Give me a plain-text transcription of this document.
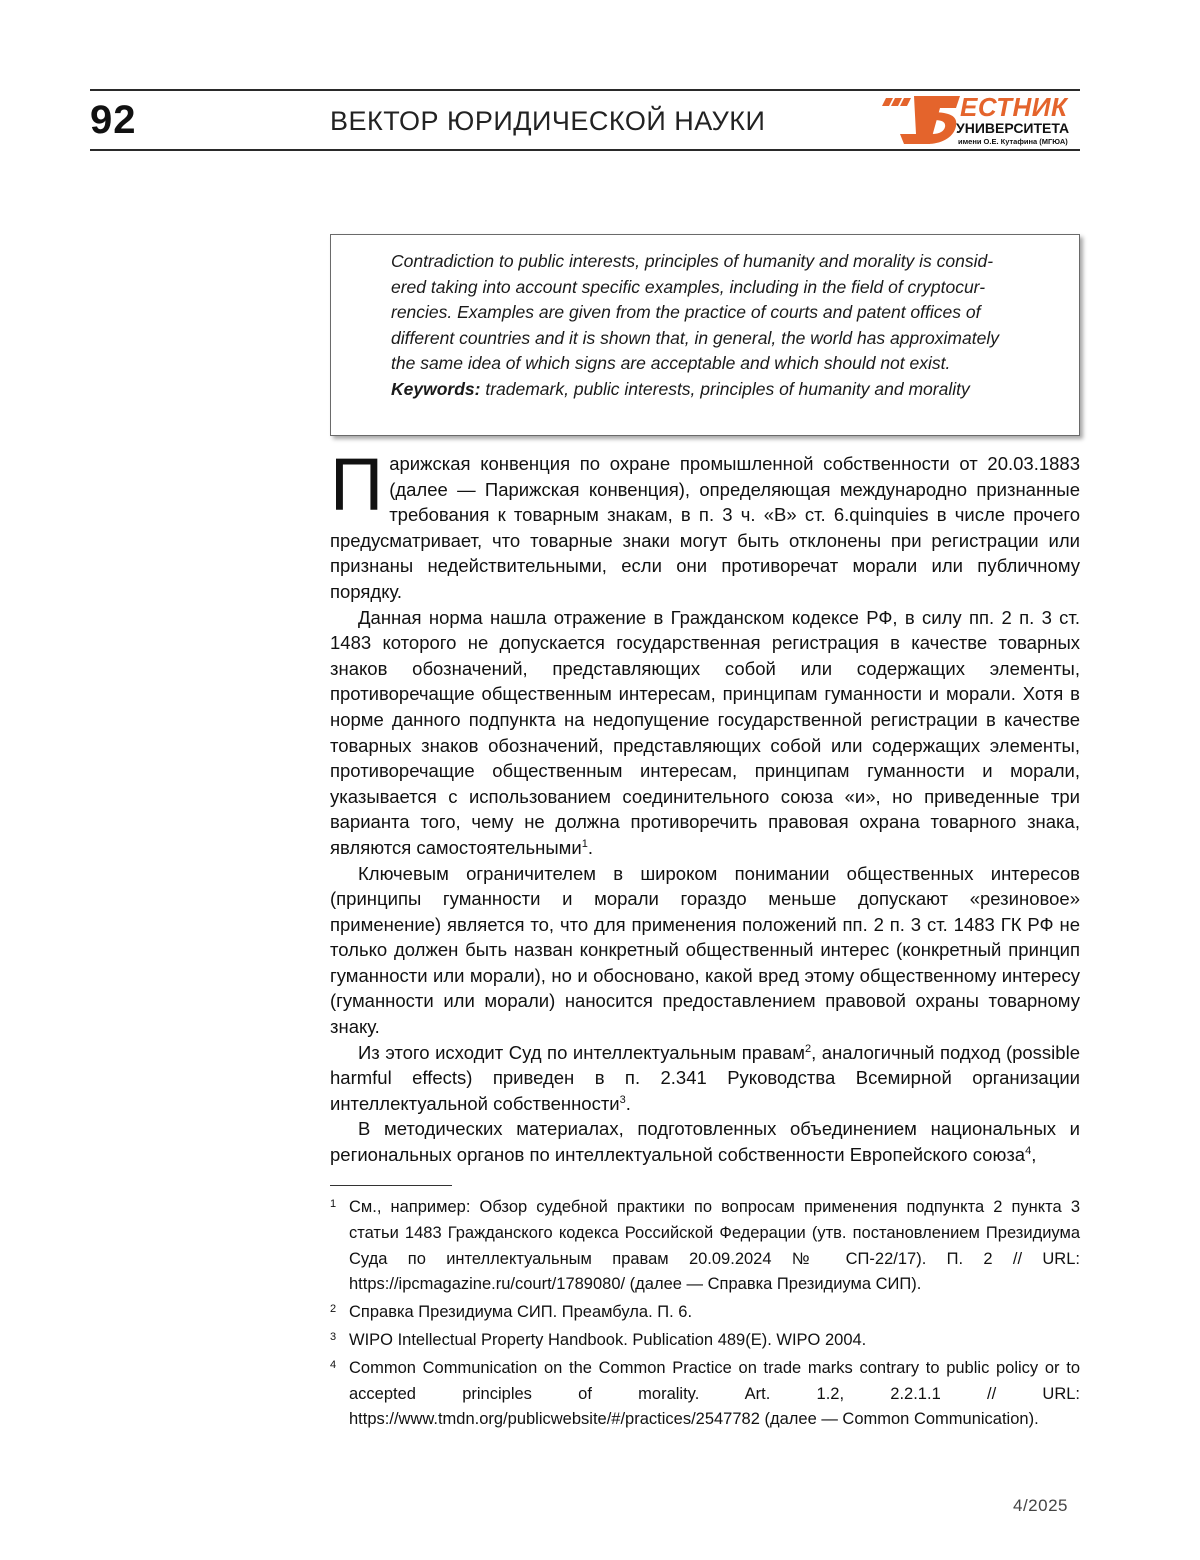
92	ВЕКТОР ЮРИДИЧЕСКОЙ НАУКИ	ЕСТНИК
УНИВЕРСИТЕТА
имени О.Е. Кутафина (МГЮА)
Contradiction to public interests, principles of humanity and morality is consid-
ered taking into account specific examples, including in the field of cryptocur-
rencies. Examples are given from the practice of courts and patent offices of
different countries and it is shown that, in general, the world has approximately
the same idea of which signs are acceptable and which should not exist.
Keywords: trademark, public interests, principles of humanity and morality

П арижская конвенция по охране промышленной собственности от 20.03.1883 (далее — Парижская конвенция), определяющая международно признанные требования к товарным знакам, в п. 3 ч. «B» ст. 6.quinquies в числе прочего предусматривает, что товарные знаки могут быть отклонены при регистрации или признаны недействительными, если они противоречат морали или публичному порядку.

Данная норма нашла отражение в Гражданском кодексе РФ, в силу пп. 2 п. 3 ст. 1483 которого не допускается государственная регистрация в качестве товарных знаков обозначений, представляющих собой или содержащих элементы, противоречащие общественным интересам, принципам гуманности и морали. Хотя в норме данного подпункта на недопущение государственной регистрации в качестве товарных знаков обозначений, представляющих собой или содержащих элементы, противоречащие общественным интересам, принципам гуманности и морали, указывается с использованием соединительного союза «и», но приведенные три варианта того, чему не должна противоречить правовая охрана товарного знака, являются самостоятельными1.

Ключевым ограничителем в широком понимании общественных интересов (принципы гуманности и морали гораздо меньше допускают «резиновое» применение) является то, что для применения положений пп. 2 п. 3 ст. 1483 ГК РФ не только должен быть назван конкретный общественный интерес (конкретный принцип гуманности или морали), но и обосновано, какой вред этому общественному интересу (гуманности или морали) наносится предоставлением правовой охраны товарному знаку.

Из этого исходит Суд по интеллектуальным правам2, аналогичный подход (possible harmful effects) приведен в п. 2.341 Руководства Всемирной организации интеллектуальной собственности3.

В методических материалах, подготовленных объединением национальных и региональных органов по интеллектуальной собственности Европейского союза4,

1 См., например: Обзор судебной практики по вопросам применения подпункта 2 пункта 3 статьи 1483 Гражданского кодекса Российской Федерации (утв. постановлением Президиума Суда по интеллектуальным правам 20.09.2024 № СП-22/17). П. 2 // URL: https://ipcmagazine.ru/court/1789080/ (далее — Справка Президиума СИП).
2 Справка Президиума СИП. Преамбула. П. 6.
3 WIPO Intellectual Property Handbook. Publication 489(E). WIPO 2004.
4 Common Communication on the Common Practice on trade marks contrary to public policy or to accepted principles of morality. Art. 1.2, 2.2.1.1 // URL: https://www.tmdn.org/publicwebsite/#/practices/2547782 (далее — Common Communication).
4/2025
